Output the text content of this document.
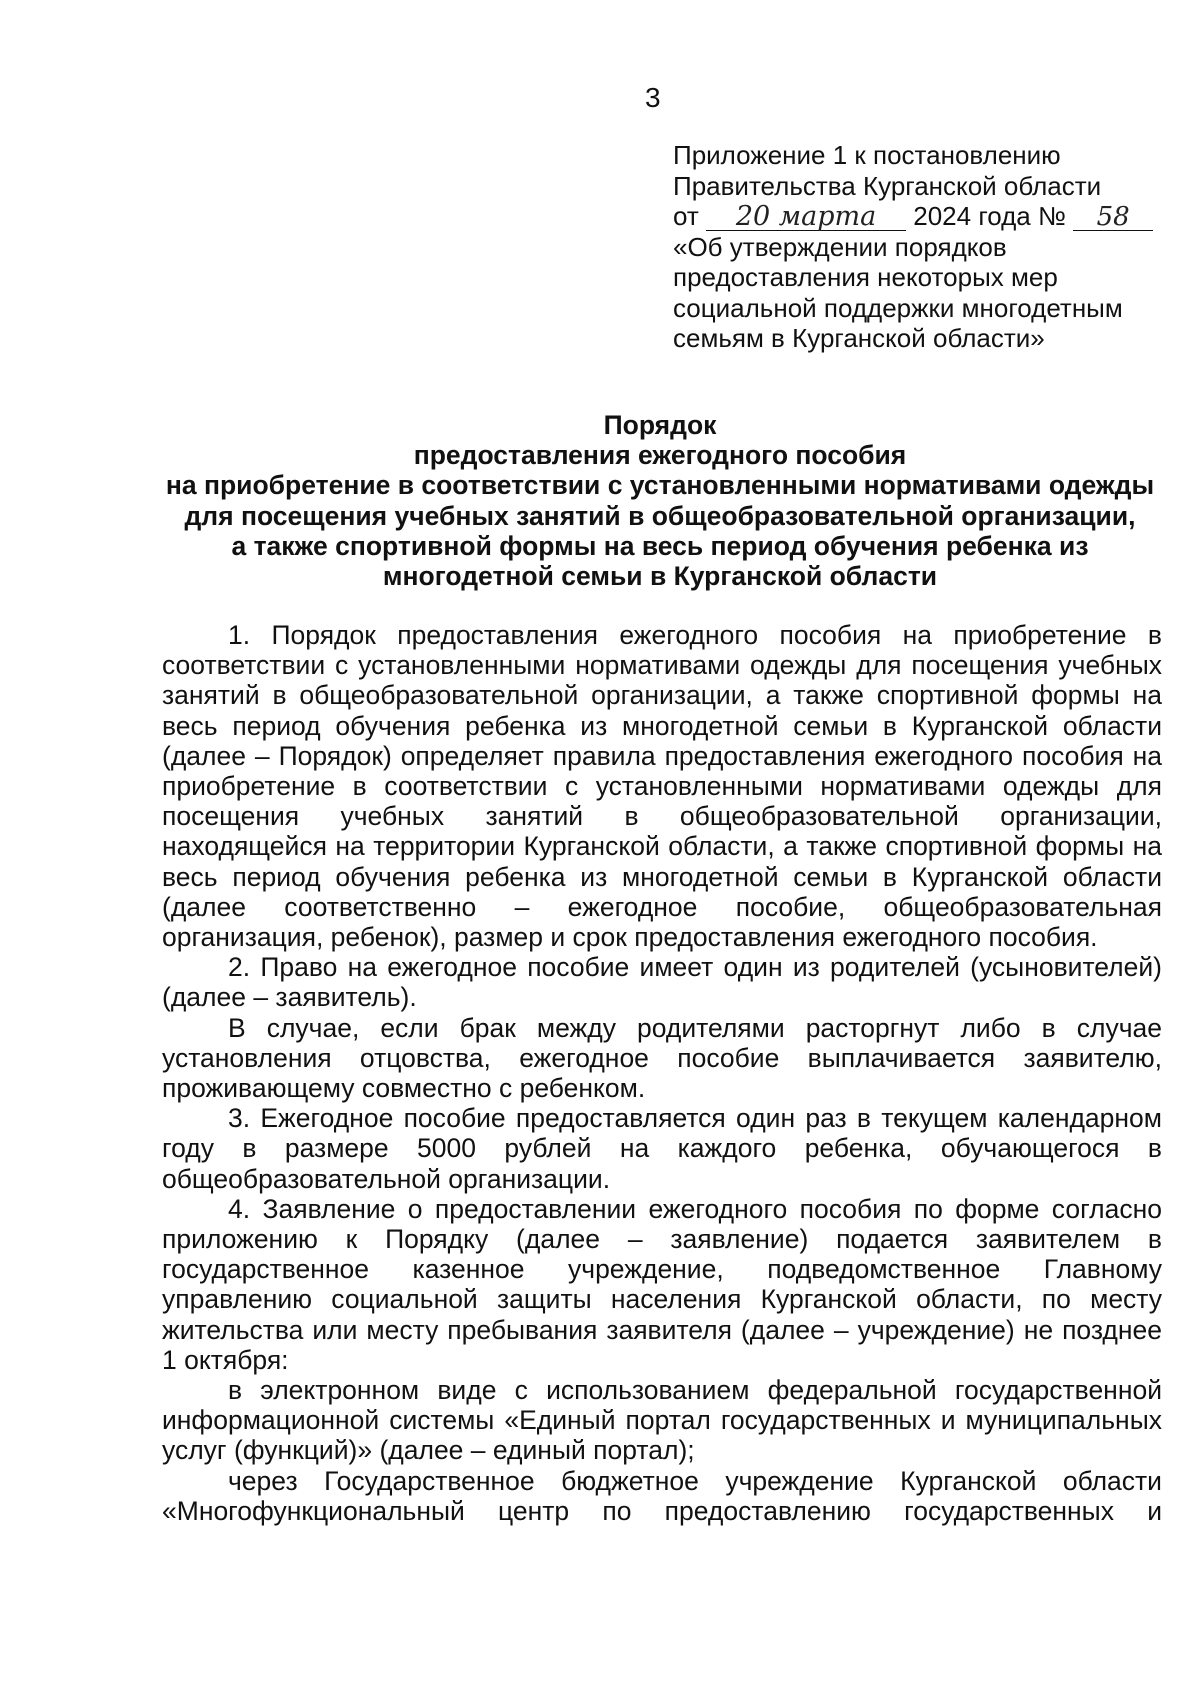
3
Приложение 1 к постановлению
Правительства Курганской области
от 20 марта 2024 года № 58
«Об утверждении порядков
предоставления некоторых мер
социальной поддержки многодетным
семьям в Курганской области»
Порядок
предоставления ежегодного пособия
на приобретение в соответствии с установленными нормативами одежды
для посещения учебных занятий в общеобразовательной организации,
а также спортивной формы на весь период обучения ребенка из
многодетной семьи в Курганской области

1. Порядок предоставления ежегодного пособия на приобретение в соответствии с установленными нормативами одежды для посещения учебных занятий в общеобразовательной организации, а также спортивной формы на весь период обучения ребенка из многодетной семьи в Курганской области (далее – Порядок) определяет правила предоставления ежегодного пособия на приобретение в соответствии с установленными нормативами одежды для посещения учебных занятий в общеобразовательной организации, находящейся на территории Курганской области, а также спортивной формы на весь период обучения ребенка из многодетной семьи в Курганской области (далее соответственно – ежегодное пособие, общеобразовательная организация, ребенок), размер и срок предоставления ежегодного пособия.

2. Право на ежегодное пособие имеет один из родителей (усыновителей) (далее – заявитель).

В случае, если брак между родителями расторгнут либо в случае установления отцовства, ежегодное пособие выплачивается заявителю, проживающему совместно с ребенком.

3. Ежегодное пособие предоставляется один раз в текущем календарном году в размере 5000 рублей на каждого ребенка, обучающегося в общеобразовательной организации.

4. Заявление о предоставлении ежегодного пособия по форме согласно приложению к Порядку (далее – заявление) подается заявителем в государственное казенное учреждение, подведомственное Главному управлению социальной защиты населения Курганской области, по месту жительства или месту пребывания заявителя (далее – учреждение) не позднее 1 октября:

в электронном виде с использованием федеральной государственной информационной системы «Единый портал государственных и муниципальных услуг (функций)» (далее – единый портал);

через Государственное бюджетное учреждение Курганской области «Многофункциональный центр по предоставлению государственных и
